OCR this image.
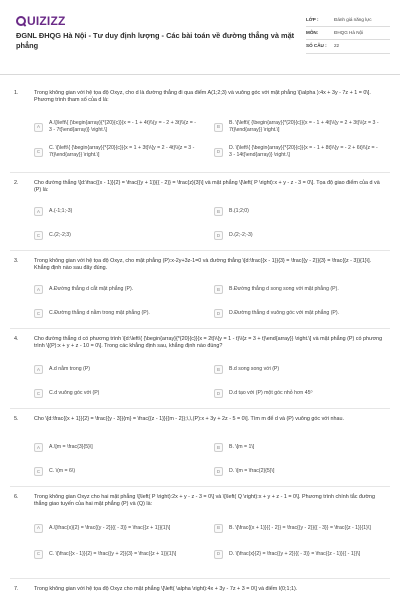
UIZIZZ
ĐGNL ĐHQG Hà Nội - Tư duy định lượng - Các bài toán về đường thẳng và mặt phẳng
LỚP :	Đánh giá năng lực
MÔN:	ĐHQG Hà Nội
SỐ CÂU :	22
1.	Trong không gian với hệ tọa độ Oxyz, cho d là đường thẳng đi qua điểm A(1;2;3) và vuông góc với mặt phẳng \[\alpha ):4x + 3y - 7z + 1 = 0\]. Phương trình tham số của d là:
A
A.\[\left\{ {\begin{array}{*{20}{c}}{x = - 1 + 4t}\\{y = - 2 + 3t}\\{z = - 3 - 7t}\end{array}} \right.\]
B
B. \[\left\{ {\begin{array}{*{20}{c}}{x = - 1 + 4t}\\{y = 2 + 3t}\\{z = 3 - 7t}\end{array}} \right.\]
C
C. \[\left\{ {\begin{array}{*{20}{c}}{x = 1 + 3t}\\{y = 2 - 4t}\\{z = 3 - 7t}\end{array}} \right.\]
D
D. \[\left\{ {\begin{array}{*{20}{c}}{x = - 1 + 8t}\\{y = - 2 + 6t}\\{z = - 3 - 14t}\end{array}} \right.\]
2.	Cho đường thẳng \[d:\frac{{x - 1}}{2} = \frac{{y + 1}}{{ - 2}} = \frac{z}{3}\] và mặt phẳng \[\left( P \right):x + y - z - 3 = 0\]. Tọa độ giao điểm của d và (P) là:
A	A.(-1;1;-3)	B	B.(1;2;0)
C	C.(2;-2;3)	D	D.(2;-2;-3)
3.	Trong không gian với hệ tọa độ Oxyz, cho mặt phẳng (P):x-2y+3z-1=0 và đường thẳng \[d:\frac{{x - 1}}{3} = \frac{{y - 2}}{3} = \frac{{z - 3}}{1}\]. Khẳng định nào sau đây đúng.
A	A.Đường thẳng d cắt mặt phẳng (P).	B	B.Đường thẳng d song song với mặt phẳng (P).
C	C.Đường thẳng d nằm trong mặt phẳng (P).	D	D.Đường thẳng d vuông góc với mặt phẳng (P).
4.	Cho đường thẳng d có phương trình \[d:\left\{ {\begin{array}{*{20}{c}}{x = 2t}\\{y = 1 - t}\\{z = 3 + t}\end{array}} \right.\] và mặt phẳng (P) có phương trình \[(P):x + y + z - 10 = 0\]. Trong các khẳng định sau, khẳng định nào đúng?
A	A.d nằm trong (P)	B	B.d song song với (P)
C	C.d vuông góc với (P)	D	D.d tạo với (P) một góc nhỏ hơn 45⁰
5.	Cho \[d:\frac{{x + 1}}{2} = \frac{{y - 3}}{m} = \frac{{z - 1}}{{m - 2}};\,\,(P):x + 3y + 2z - 5 = 0\]. Tìm m để d và (P) vuông góc với nhau.
A	A.\[m = \frac{3}{5}\]	B	B. \[m = 1\]
C	C. \(m = 6\)	D	D. \[m = \frac{2}{5}\]
6.	Trong không gian Oxyz cho hai mặt phẳng \[\left( P \right):2x + y - z - 3 = 0\] và \[\left( Q \right):x + y + z - 1 = 0\]. Phương trình chính tắc đường thẳng giao tuyến của hai mặt phẳng (P) và (Q) là:
A	A.\[\frac{x}{2} = \frac{{y - 2}}{{ - 3}} = \frac{{z + 1}}{1}\]	B	B. \[\frac{{x + 1}}{{ - 2}} = \frac{{y - 2}}{{ - 3}} = \frac{{z - 1}}{1}\]
C	C. \[\frac{{x - 1}}{2} = \frac{{y + 2}}{3} = \frac{{z + 1}}{1}\]	D	D. \[\frac{x}{2} = \frac{{y + 2}}{{ - 3}} = \frac{{z - 1}}{{ - 1}}\]
7.	Trong không gian với hệ tọa độ Oxyz cho mặt phẳng \[\left( \alpha \right):4x + 3y - 7z + 3 = 0\] và điểm I(0;1;1).
